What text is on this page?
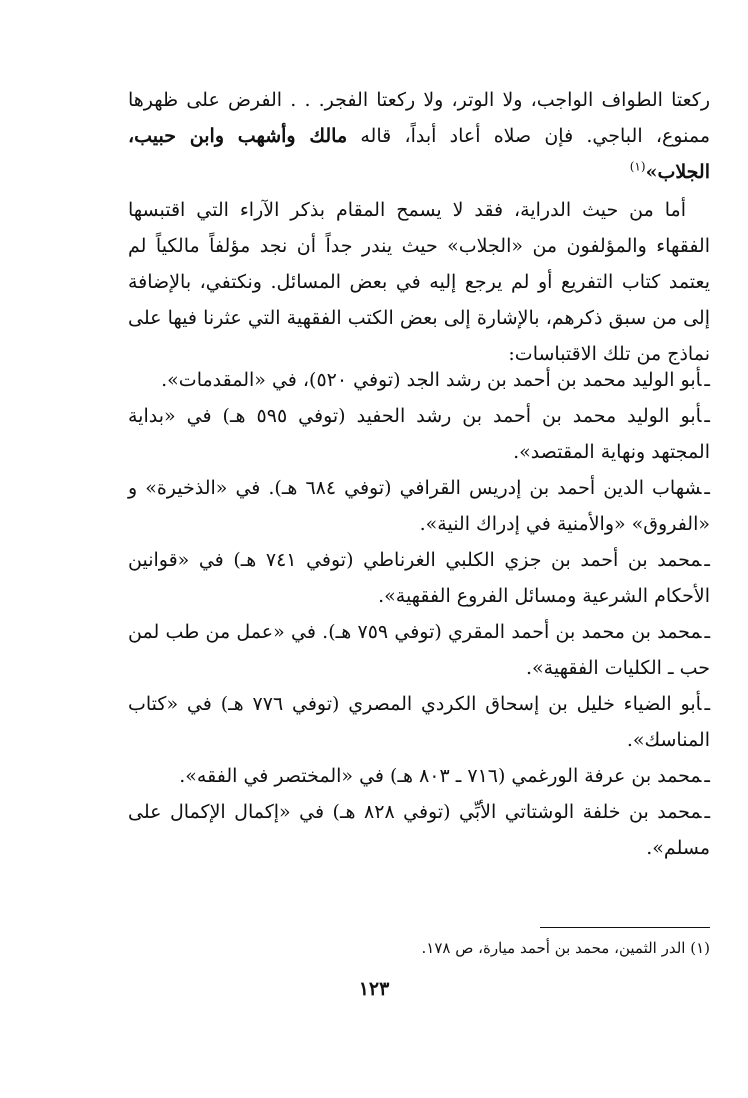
ركعتا الطواف الواجب، ولا الوتر، ولا ركعتا الفجر. . . الفرض على ظهرها ممنوع، الباجي. فإن صلاه أعاد أبداً، قاله مالك وأشهب وابن حبيب، الجلاب»$^{(١)}$

أما من حيث الدراية، فقد لا يسمح المقام بذكر الآراء التي اقتبسها الفقهاء والمؤلفون من «الجلاب» حيث يندر جداً أن نجد مؤلفاً مالكياً لم يعتمد كتاب التفريع أو لم يرجع إليه في بعض المسائل. ونكتفي، بالإضافة إلى من سبق ذكرهم، بالإشارة إلى بعض الكتب الفقهية التي عثرنا فيها على نماذج من تلك الاقتباسات:

ـأبو الوليد محمد بن أحمد بن رشد الجد (توفي ٥٢٠)، في «المقدمات».
ـأبو الوليد محمد بن أحمد بن رشد الحفيد (توفي ٥٩٥ هـ) في «بداية المجتهد ونهاية المقتصد».
ـشهاب الدين أحمد بن إدريس القرافي (توفي ٦٨٤ هـ). في «الذخيرة» و «الفروق» «والأمنية في إدراك النية».
ـمحمد بن أحمد بن جزي الكلبي الغرناطي (توفي ٧٤١ هـ) في «قوانين الأحكام الشرعية ومسائل الفروع الفقهية».
ـمحمد بن محمد بن أحمد المقري (توفي ٧٥٩ هـ). في «عمل من طب لمن حب ـ الكليات الفقهية».
ـأبو الضياء خليل بن إسحاق الكردي المصري (توفي ٧٧٦ هـ) في «كتاب المناسك».
ـمحمد بن عرفة الورغمي (٧١٦ ـ ٨٠٣ هـ) في «المختصر في الفقه».
ـمحمد بن خلفة الوشتاتي الأبِّي (توفي ٨٢٨ هـ) في «إكمال الإكمال على مسلم».
(١) الدر الثمين، محمد بن أحمد ميارة، ص ١٧٨.
١٢٣
